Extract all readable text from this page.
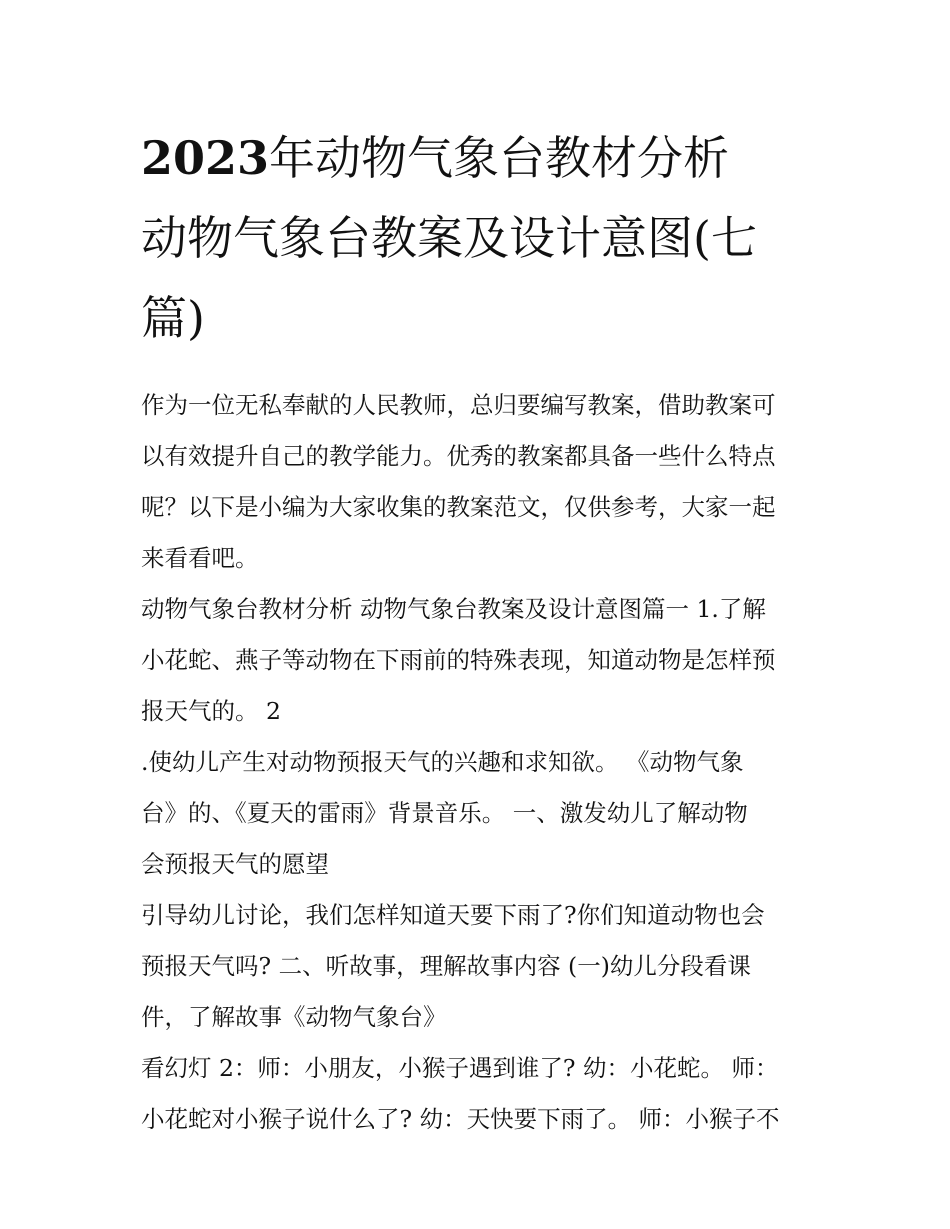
2023年动物气象台教材分析
动物气象台教案及设计意图(七
篇)
作为一位无私奉献的人民教师，总归要编写教案，借助教案可
以有效提升自己的教学能力。优秀的教案都具备一些什么特点
呢？以下是小编为大家收集的教案范文，仅供参考，大家一起
来看看吧。
动物气象台教材分析 动物气象台教案及设计意图篇一 1.了解
小花蛇、燕子等动物在下雨前的特殊表现，知道动物是怎样预
报天气的。 2
.使幼儿产生对动物预报天气的兴趣和求知欲。 《动物气象
台》的、《夏天的雷雨》背景音乐。 一、激发幼儿了解动物
会预报天气的愿望
引导幼儿讨论，我们怎样知道天要下雨了?你们知道动物也会
预报天气吗? 二、听故事，理解故事内容 (一)幼儿分段看课
件，了解故事《动物气象台》
看幻灯 2：师：小朋友，小猴子遇到谁了? 幼：小花蛇。 师：
小花蛇对小猴子说什么了? 幼：天快要下雨了。 师：小猴子不
